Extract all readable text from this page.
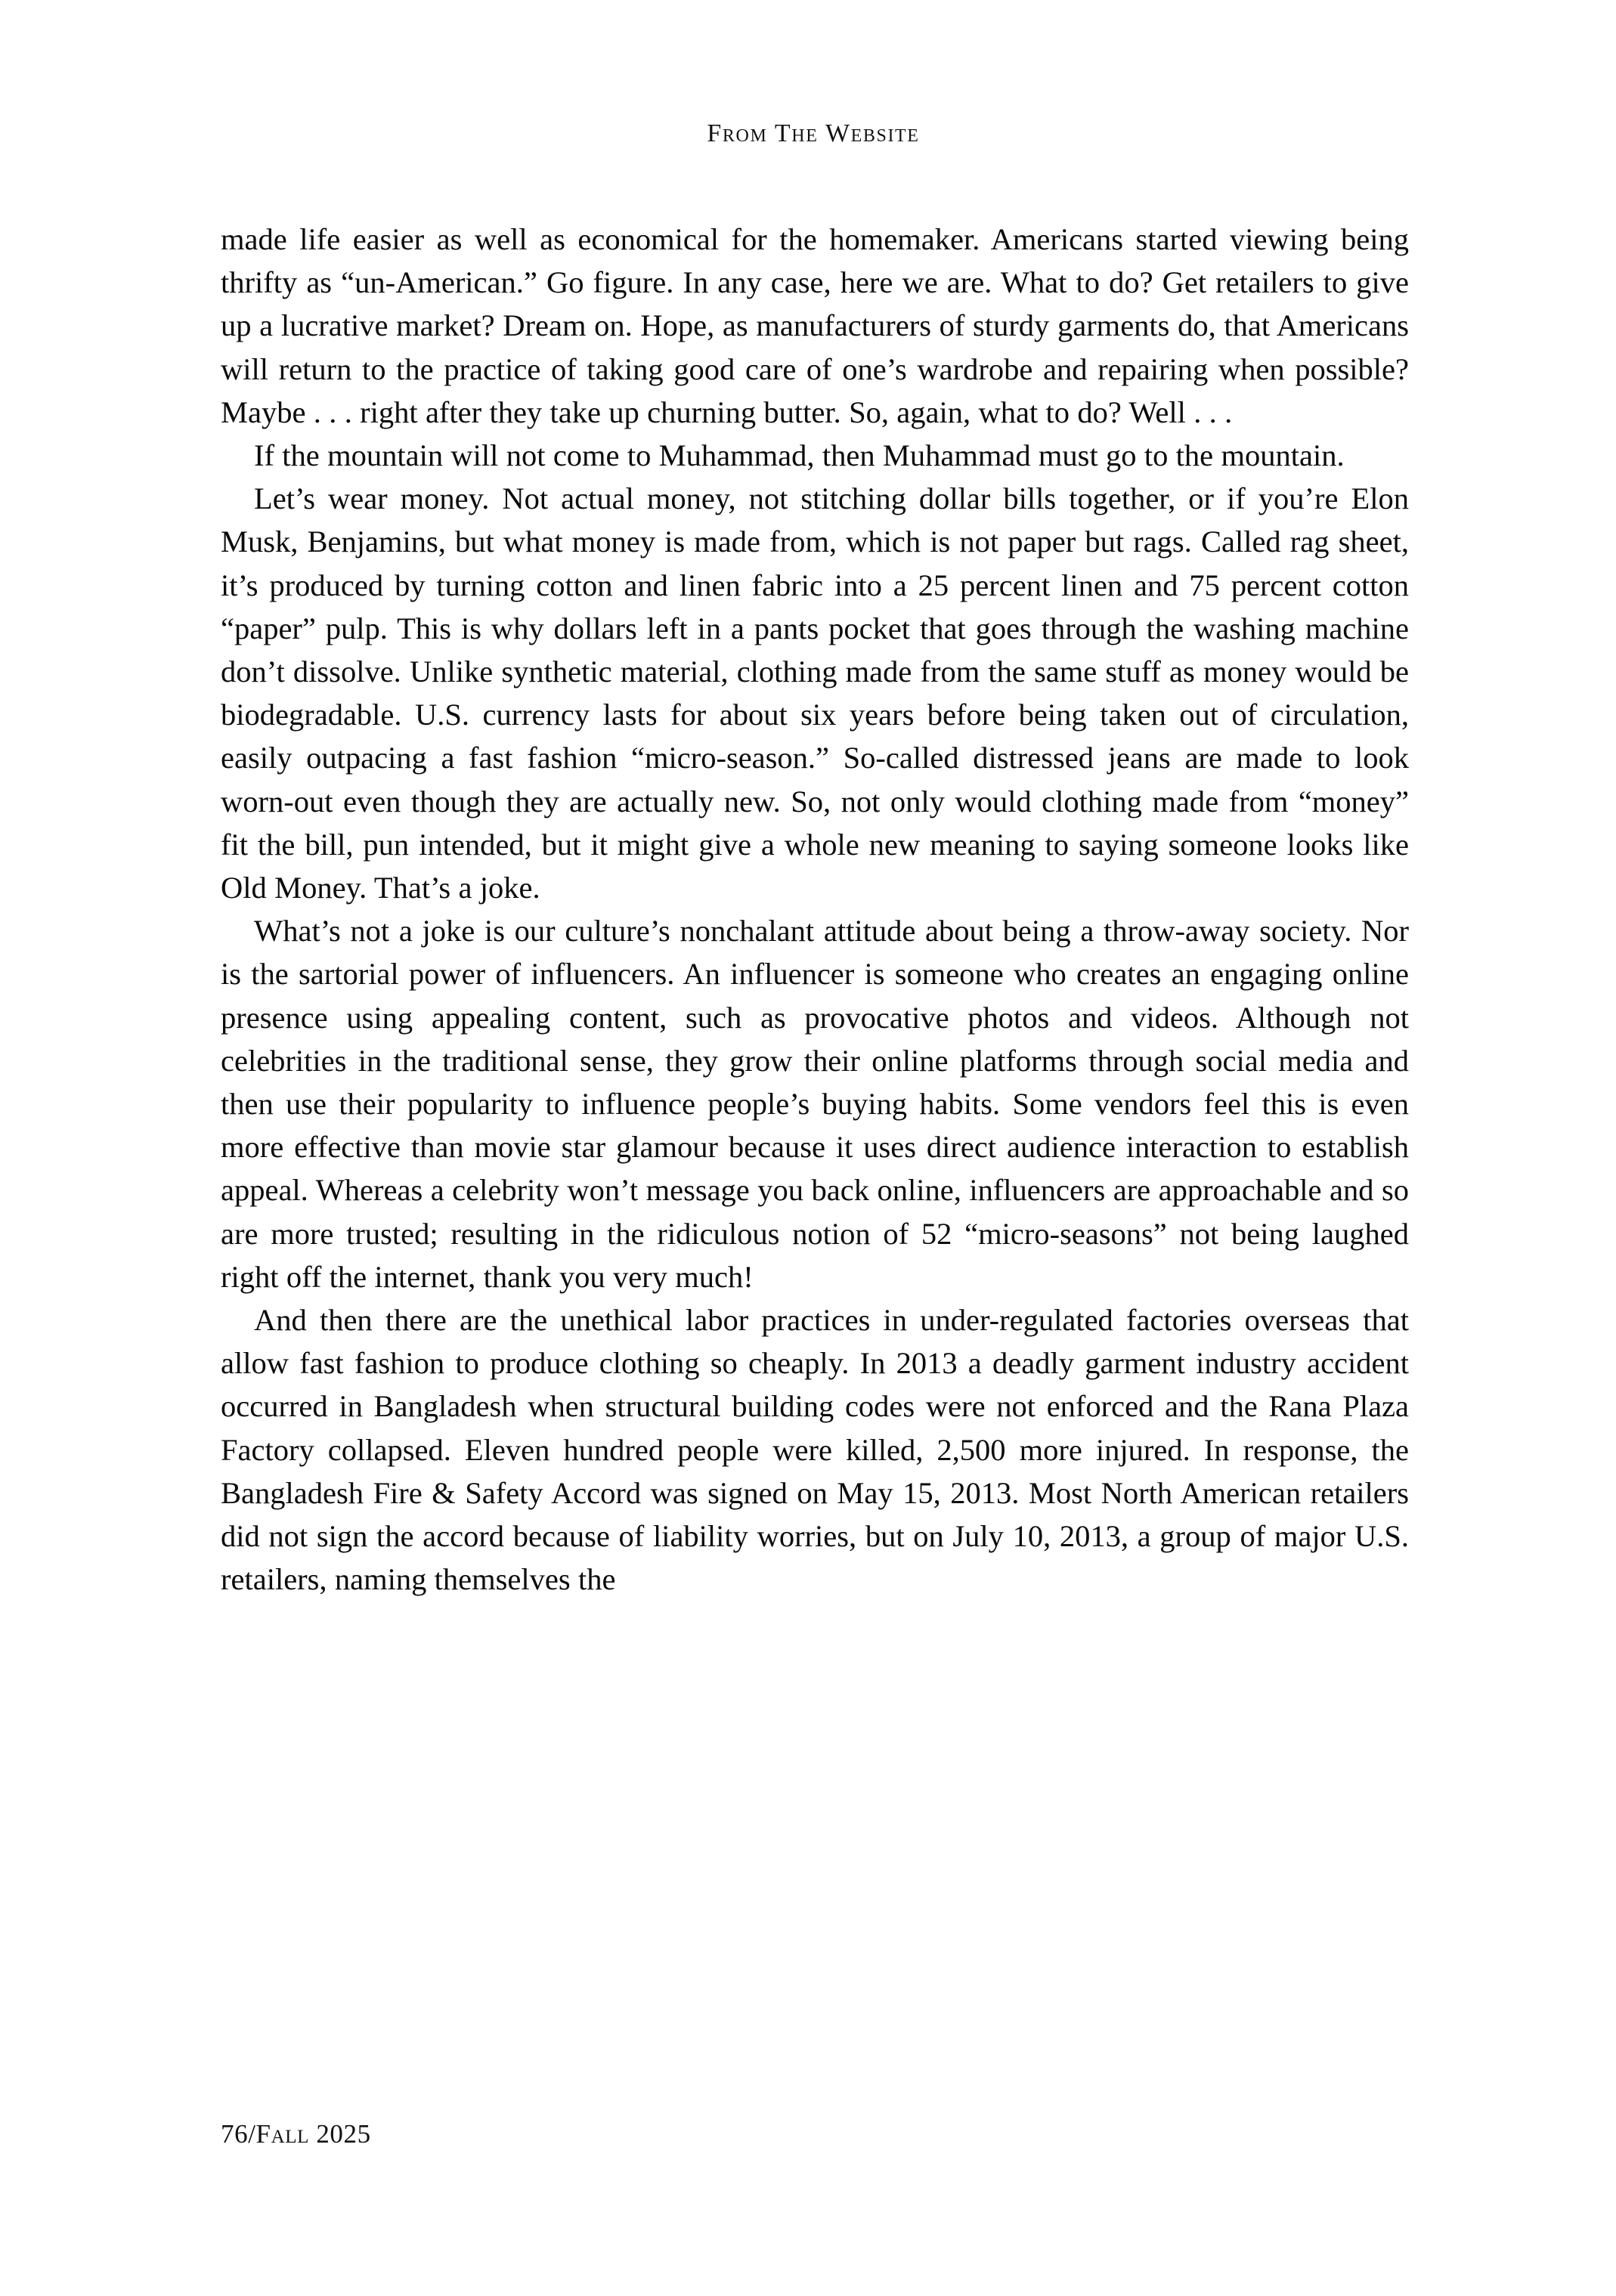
From The Website

made life easier as well as economical for the homemaker. Americans started viewing being thrifty as “un-American.” Go figure. In any case, here we are. What to do? Get retailers to give up a lucrative market? Dream on. Hope, as manufacturers of sturdy garments do, that Americans will return to the practice of taking good care of one’s wardrobe and repairing when possible? Maybe . . . right after they take up churning butter. So, again, what to do? Well . . .

If the mountain will not come to Muhammad, then Muhammad must go to the mountain.

Let’s wear money. Not actual money, not stitching dollar bills together, or if you’re Elon Musk, Benjamins, but what money is made from, which is not paper but rags. Called rag sheet, it’s produced by turning cotton and linen fabric into a 25 percent linen and 75 percent cotton “paper” pulp. This is why dollars left in a pants pocket that goes through the washing machine don’t dissolve. Unlike synthetic material, clothing made from the same stuff as money would be biodegradable. U.S. currency lasts for about six years before being taken out of circulation, easily outpacing a fast fashion “micro-season.” So-called distressed jeans are made to look worn-out even though they are actually new. So, not only would clothing made from “money” fit the bill, pun intended, but it might give a whole new meaning to saying someone looks like Old Money. That’s a joke.

What’s not a joke is our culture’s nonchalant attitude about being a throw-away society. Nor is the sartorial power of influencers. An influencer is someone who creates an engaging online presence using appealing content, such as provocative photos and videos. Although not celebrities in the traditional sense, they grow their online platforms through social media and then use their popularity to influence people’s buying habits. Some vendors feel this is even more effective than movie star glamour because it uses direct audience interaction to establish appeal. Whereas a celebrity won’t message you back online, influencers are approachable and so are more trusted; resulting in the ridiculous notion of 52 “micro-seasons” not being laughed right off the internet, thank you very much!

And then there are the unethical labor practices in under-regulated factories overseas that allow fast fashion to produce clothing so cheaply. In 2013 a deadly garment industry accident occurred in Bangladesh when structural building codes were not enforced and the Rana Plaza Factory collapsed. Eleven hundred people were killed, 2,500 more injured. In response, the Bangladesh Fire & Safety Accord was signed on May 15, 2013. Most North American retailers did not sign the accord because of liability worries, but on July 10, 2013, a group of major U.S. retailers, naming themselves the

76/Fall 2025
